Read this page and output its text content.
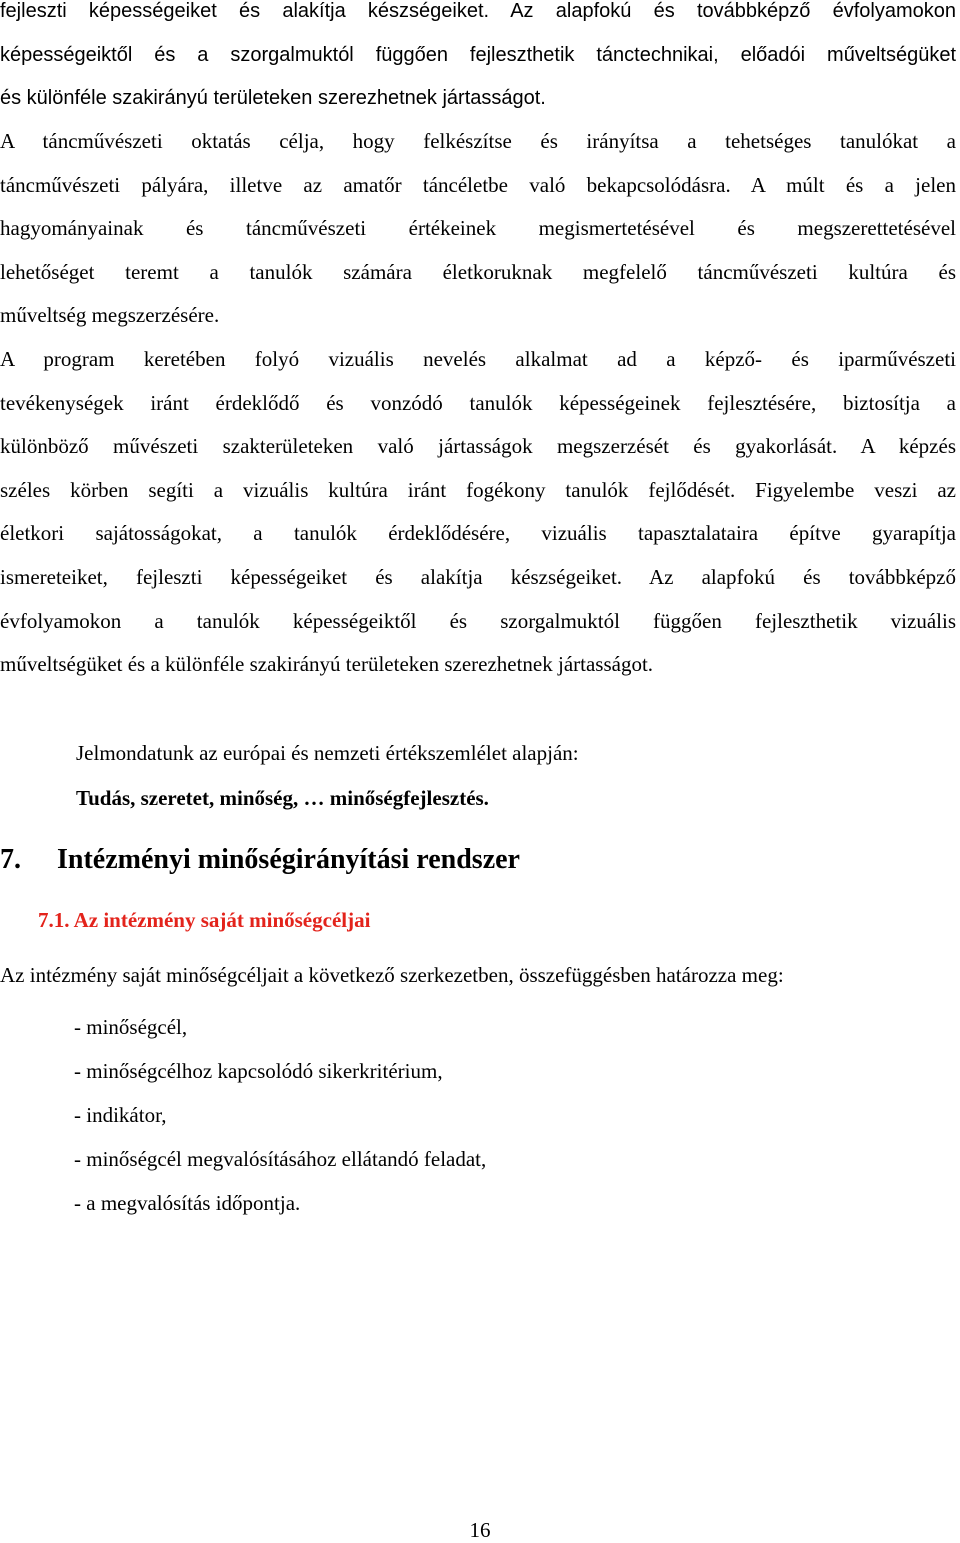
fejleszti képességeiket és alakítja készségeiket. Az alapfokú és továbbképző évfolyamokon
képességeiktől és a szorgalmuktól függően fejleszthetik tánctechnikai, előadói műveltségüket
és különféle szakirányú területeken szerezhetnek jártasságot.
A táncművészeti oktatás célja, hogy felkészítse és irányítsa a tehetséges tanulókat a
táncművészeti pályára, illetve az amatőr táncéletbe való bekapcsolódásra. A múlt és a jelen
hagyományainak és táncművészeti értékeinek megismertetésével és megszerettetésével
lehetőséget teremt a tanulók számára életkoruknak megfelelő táncművészeti kultúra és
műveltség megszerzésére.
A program keretében folyó vizuális nevelés alkalmat ad a képző- és iparművészeti
tevékenységek iránt érdeklődő és vonzódó tanulók képességeinek fejlesztésére, biztosítja a
különböző művészeti szakterületeken való jártasságok megszerzését és gyakorlását. A képzés
széles körben segíti a vizuális kultúra iránt fogékony tanulók fejlődését. Figyelembe veszi az
életkori sajátosságokat, a tanulók érdeklődésére, vizuális tapasztalataira építve gyarapítja
ismereteiket, fejleszti képességeiket és alakítja készségeiket. Az alapfokú és továbbképző
évfolyamokon a tanulók képességeiktől és szorgalmuktól függően fejleszthetik vizuális
műveltségüket és a különféle szakirányú területeken szerezhetnek jártasságot.
Jelmondatunk az európai és nemzeti értékszemlélet alapján:
Tudás, szeretet, minőség, … minőségfejlesztés.
7. Intézményi minőségirányítási rendszer
7.1. Az intézmény saját minőségcéljai

Az intézmény saját minőségcéljait a következő szerkezetben, összefüggésben határozza meg:

- minőségcél,
- minőségcélhoz kapcsolódó sikerkritérium,
- indikátor,
- minőségcél megvalósításához ellátandó feladat,
- a megvalósítás időpontja.
16
